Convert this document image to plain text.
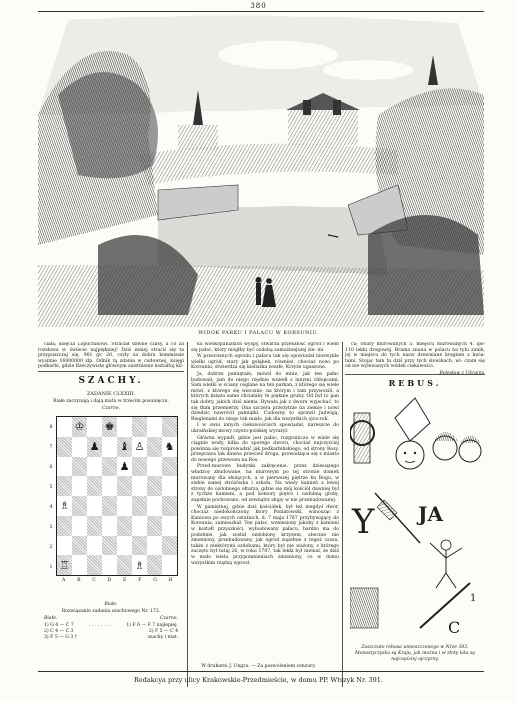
380
WIDOK PARKU I PAŁACU W KORSUNIU.

ciała, księcia Lopuchinowi. Straciał dawne czasy, a co za rozsława w świecie najpiękniej! Dziś mniej stracił się ta przypuszczaj się. 901 gr. 20, czyły za dobra kommissie wysilnie 16000000 zlp. Odnik tą zdania w cudownej, księgi podkarbi, gdzie Rzeczywiste głównym zaistnienie kształtuj kil-

ku wielkopaniżkich wyspy, stwarza przeszłość ogród i wiem się pałac, który mógłby być ozdobą zamożniejszej zie- mi.

W przeciwnych ogrodu i pałacu tak się opowiadał niezwykle wielki ogród, stary jak gołąbek, również, chociaż nowi po Korsuniu, stwierdza się kieliszka zeszłe, Krzyże ugaszone.

Ja, dobrze pamiętam, mówił do mnie, jak ten pałac budowali; jam do niego rzędnie wszedł z innymi chłopcami. Sam wielki w ściany ceglane na ten parkan, z którego się wiele mówi, z którego się wiecznie, na którym i tam przywozili, a których księża same chciałaby te pięknie gruby. Od był to pan tak dobry, jakich dziś niema. Bywała jak z dworu wyjechać, to się tłum przemierzy. Ona szczera przeżytnie na ziemie i nowi dziedzic nawrócił pamiątki. Cudowny to sprawił Jadwigą, Bieglenami do niego tak miało, jak dla wszystkich ojca-rok.

I w swiu innych ciekawościach spowiadał, nareszcie do ukraińskiej mowy czysto-polskiej wyrażył.

Główna wypadł, gdzie jest pałac, rozgranicza w wiele się ciągnie wody, kilka do sporego dworu, chociaż najczyściej powinna się rozprowadzić jak podkarbińskiego, od strony Rosy, przeprawa tak dawna przecież droga, prowadząca się z miasta do nowego przewozu na Ros.

Przed-murowe budynki zakręcenie, przez dziesiątego władzcę zbudowane, na murowym po tej stronie domek murowany dla służących, a w pierwszej piętrze ku Bogu, w siebie samej stróżówka i szkoła. Na wieży kamień z lewej strony do ozdobnego ołtarza, gdzie się mój kościół dawniej był z tychże kamieni, a pod komory piętro i ozdobną grotę, zupełnie pochowano, od zewnątrz słupy w nie przebudowanej.

W pamiętnej, gdzie dziś kościółek, był też niegdyś dwór, chociaż niedokończony, który Poniatowski, wznosząc z Kaniowa po swych ostatnich, d. 7 maja 1787 przybywający do Korsunia, zamieszkał. Ten pałac, wzniesiony jakoby z kamieni w kształt przyszłości, wybudowany pałacu, bardzo ma do podobnie, jak został ozdobiony krzyżem, obecnie nie zmieniony, przebudowany, jak ogród zupełnie z tegoż czasu, także z niektórymi ozdobami, który był nie ważony, z którego zaczęto był tutaj 26, w roku 1787, tak lekki był niemal, że dziś w mało wielu przypomnieniach zmieniony, co w domu wszystkim rządzą wprost.

ca; ofiary murowanych 5, miejscu murowanych 4, ips- 110 lekki drogowej. Brama znana w polacu na tylu zanik, jej w miejscu do tych nazw drewniane kręgiem z kwia- tami. Stojąc tam tu dziś przy tych słowikach, wi- czam się od nie wylewanych wódek ciekawości.

Bolesław z Ukrainy.
SZACHY.
ZADANIE CLXXIII.
Białe zaczynają i dają mata w trzecim posunięciu.
Czarne.
8
7
6
5
4
3
2
1
♔ ♚
♟ ♝ ♙ ♞
♟
♗
♖	♗
A	B	C	D	E	F	G	H
Białe.
Rozwiązanie zadania szachowego Nr. 172.
Białe.	Czarne.
1) G 4 — C 7	. . . . . . . .	1) F 6 — F 7 najlepiej.
2) C 4 — C 3	2) F 5 — C 4
3) F 5 — G 3 †	szachy i mat.
REBUS.
Y JA
C
1
Zaszczute rebusa umieszczonego w Nrze 303.
Monastyrzyska są Kraju, jak można i w złoty lata są najczęściej ojczyzny.
W drukarni J. Ungra. — Za pozwoleniem cenzury.
Redakcya przy ulicy Krakowskie-Przedmieście, w domu PP. Wtszyk Nr. 391.
